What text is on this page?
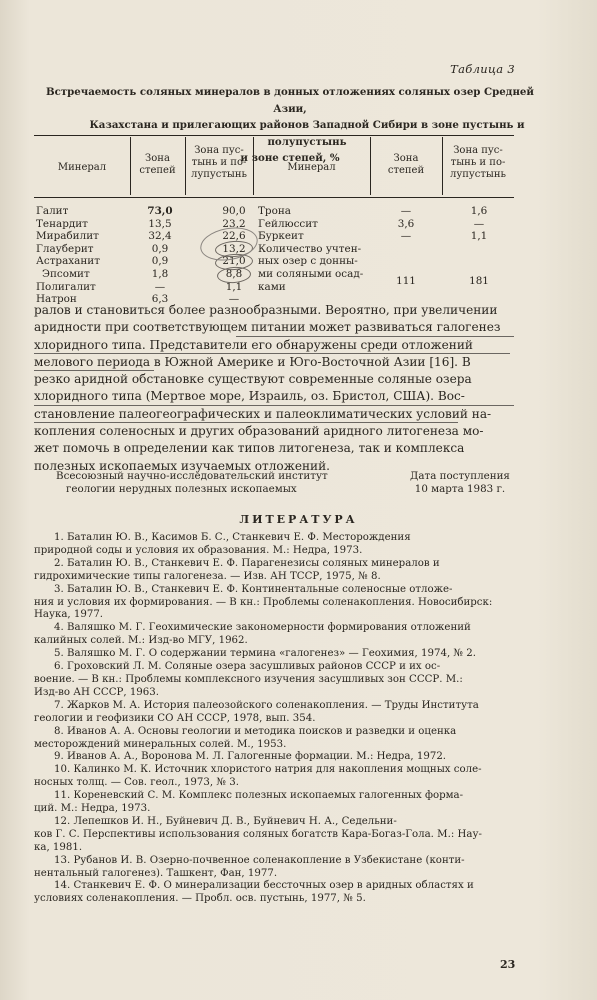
Таблица 3
Встречаемость соляных минералов в донных отложениях соляных озер Средней Азии,
Казахстана и прилегающих районов Западной Сибири в зоне пустынь и полупустынь
и зоне степей, %
Минерал
Зона
степей
Зона пус-
тынь и по-
лупустынь
Минерал
Зона
степей
Зона пус-
тынь и по-
лупустынь
Галит	73,0	90,0
Тенардит	13,5	23,2
Мирабилит	32,4	22,6
Глауберит	0,9	13,2
Астраханит	0,9	21,0
Эпсомит	1,8	8,8
Полигалит	—	1,1
Натрон	6,3	—
Трона	—	1,6
Гейлюссит	3,6	—
Буркеит	—	1,1
Количество учтен-
ных озер с донны-
ми соляными осад-
ками	111	181
ралов и становиться более разнообразными. Вероятно, при увеличении
аридности при соответствующем питании может развиваться галогенез
хлоридного типа. Представители его обнаружены среди отложений
мелового периода в Южной Америке и Юго-Восточной Азии [16]. В
резко аридной обстановке существуют современные соляные озера
хлоридного типа (Мертвое море, Израиль, оз. Бристол, США). Вос-
становление палеогеографических и палеоклиматических условий на-
копления соленосных и других образований аридного литогенеза мо-
жет помочь в определении как типов литогенеза, так и комплекса
полезных ископаемых изучаемых отложений.
Всесоюзный научно-исследовательский институт
геологии нерудных полезных ископаемых
Дата поступления
10 марта 1983 г.
ЛИТЕРАТУРА
1. Баталин Ю. В., Касимов Б. С., Станкевич Е. Ф. Месторождения
природной соды и условия их образования. М.: Недра, 1973.
2. Баталин Ю. В., Станкевич Е. Ф. Парагенезисы соляных минералов и
гидрохимические типы галогенеза. — Изв. АН ТССР, 1975, № 8.
3. Баталин Ю. В., Станкевич Е. Ф. Континентальные соленосные отложе-
ния и условия их формирования. — В кн.: Проблемы соленакопления. Новосибирск:
Наука, 1977.
4. Валяшко М. Г. Геохимические закономерности формирования отложений
калийных солей. М.: Изд-во МГУ, 1962.
5. Валяшко М. Г. О содержании термина «галогенез» — Геохимия, 1974, № 2.
6. Гроховский Л. М. Соляные озера засушливых районов СССР и их ос-
воение. — В кн.: Проблемы комплексного изучения засушливых зон СССР. М.:
Изд-во АН СССР, 1963.
7. Жарков М. А. История палеозойского соленакопления. — Труды Института
геологии и геофизики СО АН СССР, 1978, вып. 354.
8. Иванов А. А. Основы геологии и методика поисков и разведки и оценка
месторождений минеральных солей. М., 1953.
9. Иванов А. А., Воронова М. Л. Галогенные формации. М.: Недра, 1972.
10. Калинко М. К. Источник хлористого натрия для накопления мощных соле-
носных толщ. — Сов. геол., 1973, № 3.
11. Кореневский С. М. Комплекс полезных ископаемых галогенных форма-
ций. М.: Недра, 1973.
12. Лепешков И. Н., Буйневич Д. В., Буйневич Н. А., Седельни-
ков Г. С. Перспективы использования соляных богатств Кара-Богаз-Гола. М.: Нау-
ка, 1981.
13. Рубанов И. В. Озерно-почвенное соленакопление в Узбекистане (конти-
нентальный галогенез). Ташкент, Фан, 1977.
14. Станкевич Е. Ф. О минерализации бессточных озер в аридных областях и
условиях соленакопления. — Пробл. осв. пустынь, 1977, № 5.
23
